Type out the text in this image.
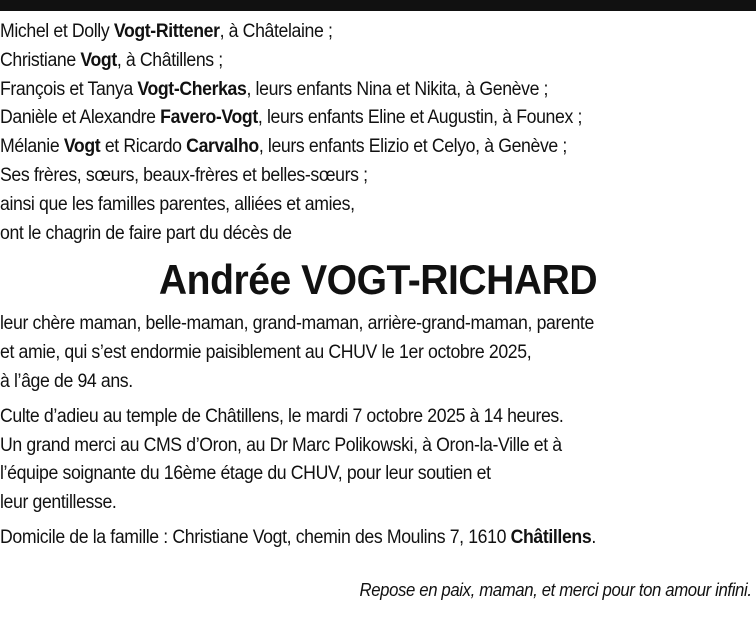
Michel et Dolly Vogt-Rittener, à Châtelaine ;
Christiane Vogt, à Châtillens ;
François et Tanya Vogt-Cherkas, leurs enfants Nina et Nikita, à Genève ;
Danièle et Alexandre Favero-Vogt, leurs enfants Eline et Augustin, à Founex ;
Mélanie Vogt et Ricardo Carvalho, leurs enfants Elizio et Celyo, à Genève ;
Ses frères, sœurs, beaux-frères et belles-sœurs ;
ainsi que les familles parentes, alliées et amies,
ont le chagrin de faire part du décès de
Andrée VOGT-RICHARD
leur chère maman, belle-maman, grand-maman, arrière-grand-maman, parente
et amie, qui s’est endormie paisiblement au CHUV le 1er octobre 2025,
à l’âge de 94 ans.
Culte d’adieu au temple de Châtillens, le mardi 7 octobre 2025 à 14 heures.
Un grand merci au CMS d’Oron, au Dr Marc Polikowski, à Oron-la-Ville et à
l’équipe soignante du 16ème étage du CHUV, pour leur soutien et
leur gentillesse.
Domicile de la famille : Christiane Vogt, chemin des Moulins 7, 1610 Châtillens.
Repose en paix, maman, et merci pour ton amour infini.
